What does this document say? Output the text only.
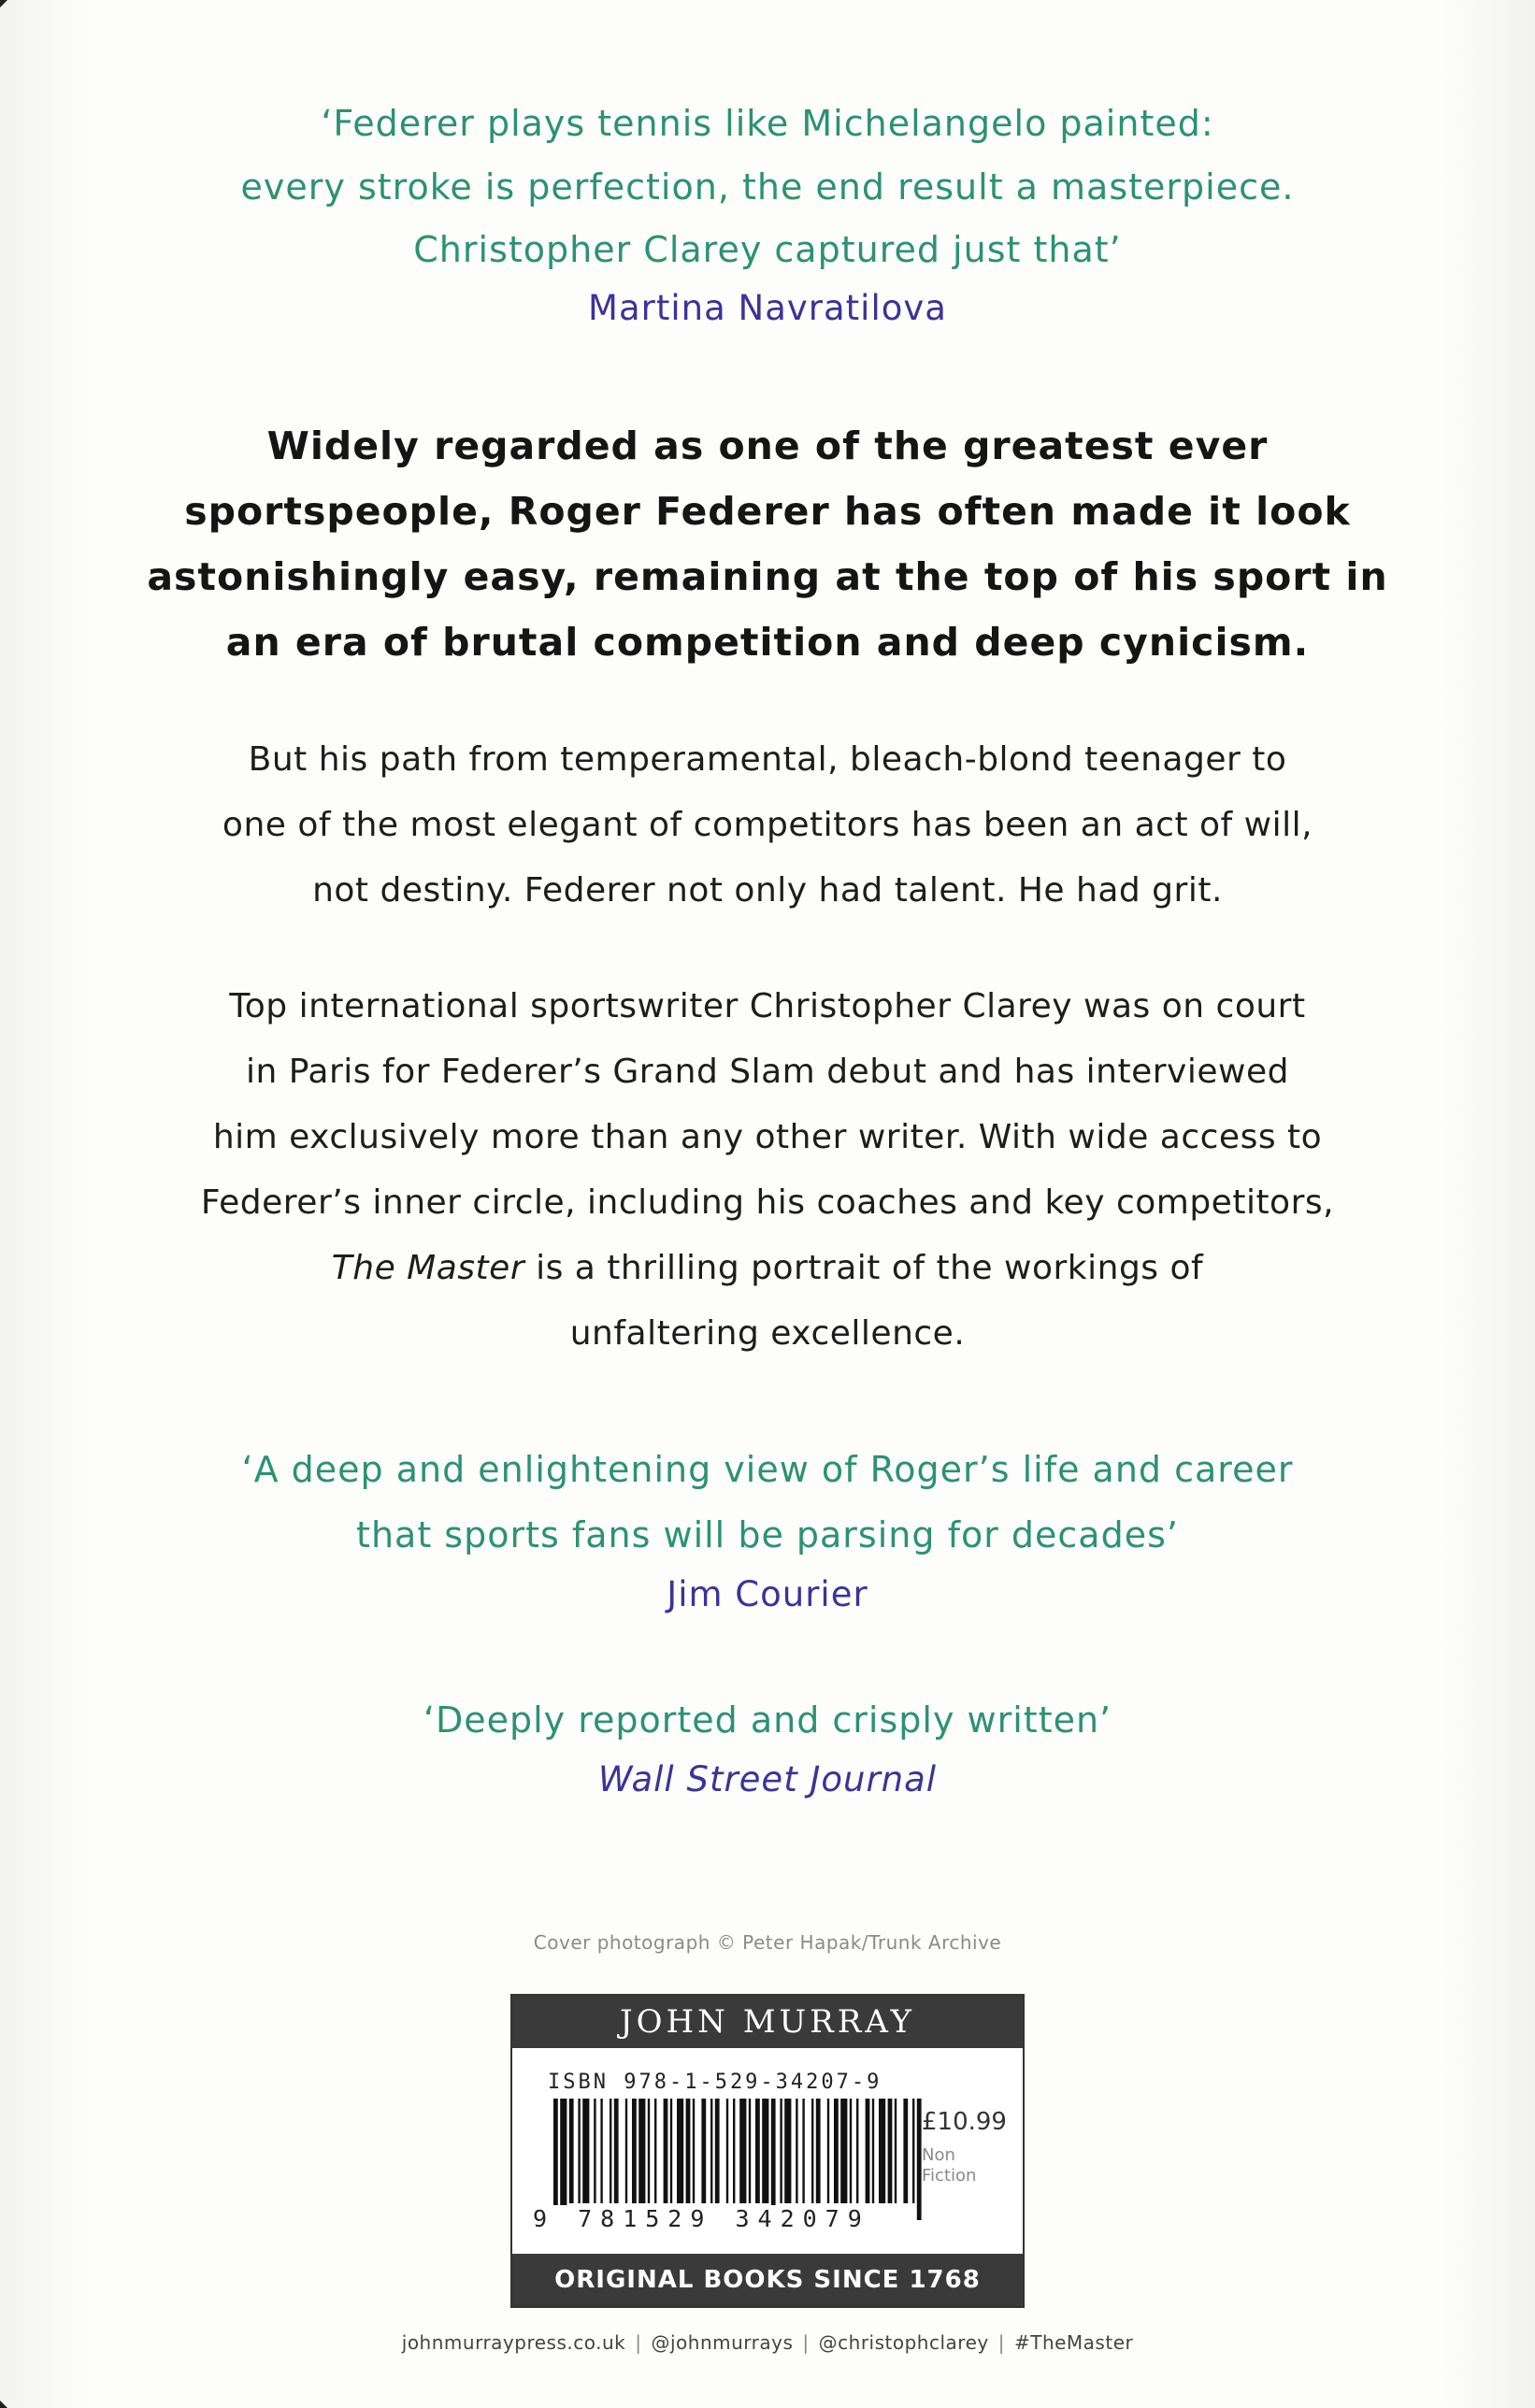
‘Federer plays tennis like Michelangelo painted:
every stroke is perfection, the end result a masterpiece.
Christopher Clarey captured just that’
Martina Navratilova
Widely regarded as one of the greatest ever
sportspeople, Roger Federer has often made it look
astonishingly easy, remaining at the top of his sport in
an era of brutal competition and deep cynicism.
But his path from temperamental, bleach-blond teenager to
one of the most elegant of competitors has been an act of will,
not destiny. Federer not only had talent. He had grit.
Top international sportswriter Christopher Clarey was on court
in Paris for Federer’s Grand Slam debut and has interviewed
him exclusively more than any other writer. With wide access to
Federer’s inner circle, including his coaches and key competitors,
The Master is a thrilling portrait of the workings of
unfaltering excellence.
‘A deep and enlightening view of Roger’s life and career
that sports fans will be parsing for decades’
Jim Courier
‘Deeply reported and crisply written’
Wall Street Journal
Cover photograph © Peter Hapak/Trunk Archive
JOHN MURRAY
ISBN 978-1-529-34207-9
9 781529 342079
£10.99
Non
Fiction
ORIGINAL BOOKS SINCE 1768
johnmurraypress.co.uk | @johnmurrays | @christophclarey | #TheMaster
